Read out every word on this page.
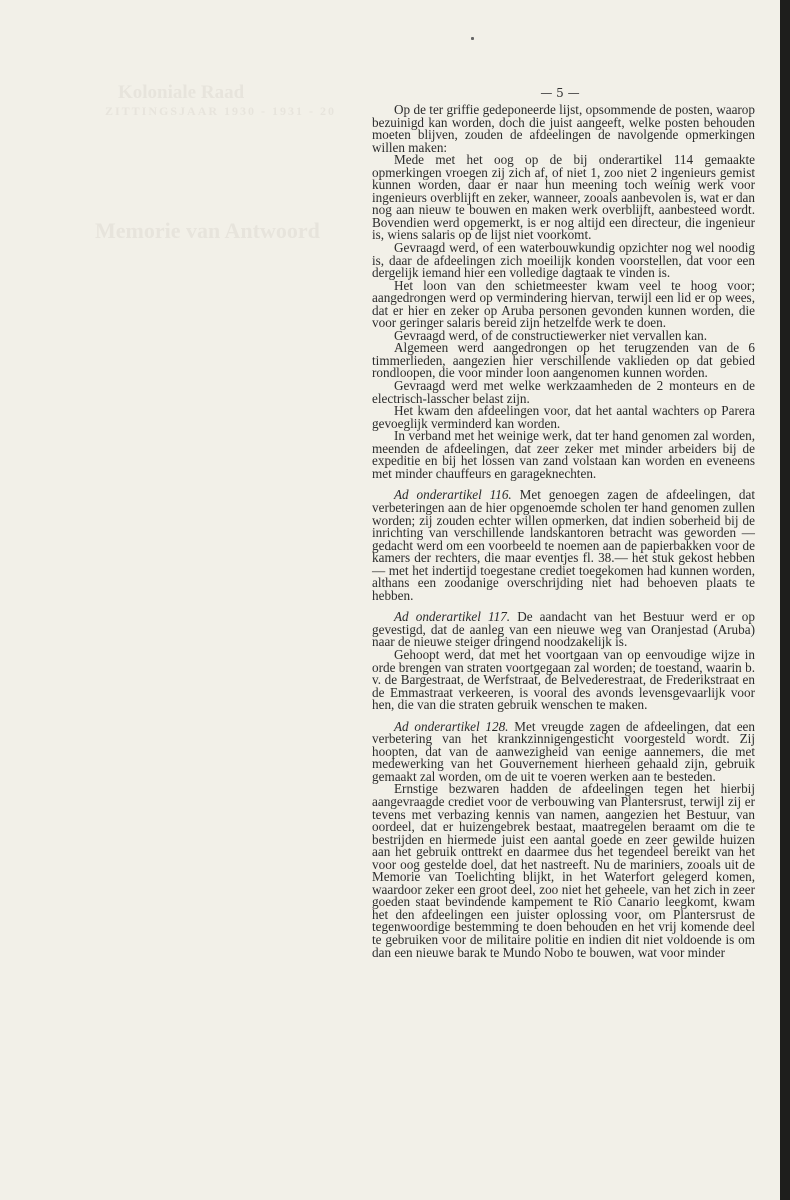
Koloniale Raad
ZITTINGSJAAR 1930 - 1931 - 20
Memorie van Antwoord
— 5 —

Op de ter griffie gedeponeerde lijst, opsommende de posten, waarop bezuinigd kan worden, doch die juist aangeeft, welke posten behouden moeten blijven, zouden de afdeelingen de navolgende opmerkingen willen maken:

Mede met het oog op de bij onderartikel 114 gemaakte opmerkingen vroegen zij zich af, of niet 1, zoo niet 2 ingenieurs gemist kunnen worden, daar er naar hun meening toch weinig werk voor ingenieurs overblijft en zeker, wanneer, zooals aanbevolen is, wat er dan nog aan nieuw te bouwen en maken werk overblijft, aanbesteed wordt. Bovendien werd opgemerkt, is er nog altijd een directeur, die ingenieur is, wiens salaris op de lijst niet voorkomt.

Gevraagd werd, of een waterbouwkundig opzichter nog wel noodig is, daar de afdeelingen zich moeilijk konden voorstellen, dat voor een dergelijk iemand hier een volledige dagtaak te vinden is.

Het loon van den schietmeester kwam veel te hoog voor; aangedrongen werd op vermindering hiervan, terwijl een lid er op wees, dat er hier en zeker op Aruba personen gevonden kunnen worden, die voor geringer salaris bereid zijn hetzelfde werk te doen.

Gevraagd werd, of de constructiewerker niet vervallen kan.

Algemeen werd aangedrongen op het terugzenden van de 6 timmerlieden, aangezien hier verschillende vaklieden op dat gebied rondloopen, die voor minder loon aangenomen kunnen worden.

Gevraagd werd met welke werkzaamheden de 2 monteurs en de electrisch-lasscher belast zijn.

Het kwam den afdeelingen voor, dat het aantal wachters op Parera gevoeglijk verminderd kan worden.

In verband met het weinige werk, dat ter hand genomen zal worden, meenden de afdeelingen, dat zeer zeker met minder arbeiders bij de expeditie en bij het lossen van zand volstaan kan worden en eveneens met minder chauffeurs en garageknechten.

Ad onderartikel 116. Met genoegen zagen de afdeelingen, dat verbeteringen aan de hier opgenoemde scholen ter hand genomen zullen worden; zij zouden echter willen opmerken, dat indien soberheid bij de inrichting van verschillende landskantoren betracht was geworden — gedacht werd om een voorbeeld te noemen aan de papierbakken voor de kamers der rechters, die maar eventjes fl. 38.— het stuk gekost hebben — met het indertijd toegestane crediet toegekomen had kunnen worden, althans een zoodanige overschrijding niet had behoeven plaats te hebben.

Ad onderartikel 117. De aandacht van het Bestuur werd er op gevestigd, dat de aanleg van een nieuwe weg van Oranjestad (Aruba) naar de nieuwe steiger dringend noodzakelijk is.

Gehoopt werd, dat met het voortgaan van op eenvoudige wijze in orde brengen van straten voortgegaan zal worden; de toestand, waarin b. v. de Bargestraat, de Werfstraat, de Belvederestraat, de Frederikstraat en de Emmastraat verkeeren, is vooral des avonds levensgevaarlijk voor hen, die van die straten gebruik wenschen te maken.

Ad onderartikel 128. Met vreugde zagen de afdeelingen, dat een verbetering van het krankzinnigengesticht voorgesteld wordt. Zij hoopten, dat van de aanwezigheid van eenige aannemers, die met medewerking van het Gouvernement hierheen gehaald zijn, gebruik gemaakt zal worden, om de uit te voeren werken aan te besteden.

Ernstige bezwaren hadden de afdeelingen tegen het hierbij aangevraagde crediet voor de verbouwing van Plantersrust, terwijl zij er tevens met verbazing kennis van namen, aangezien het Bestuur, van oordeel, dat er huizengebrek bestaat, maatregelen beraamt om die te bestrijden en hiermede juist een aantal goede en zeer gewilde huizen aan het gebruik onttrekt en daarmee dus het tegendeel bereikt van het voor oog gestelde doel, dat het nastreeft. Nu de mariniers, zooals uit de Memorie van Toelichting blijkt, in het Waterfort gelegerd komen, waardoor zeker een groot deel, zoo niet het geheele, van het zich in zeer goeden staat bevindende kampement te Rio Canario leegkomt, kwam het den afdeelingen een juister oplossing voor, om Plantersrust de tegenwoordige bestemming te doen behouden en het vrij komende deel te gebruiken voor de militaire politie en indien dit niet voldoende is om dan een nieuwe barak te Mundo Nobo te bouwen, wat voor minder
